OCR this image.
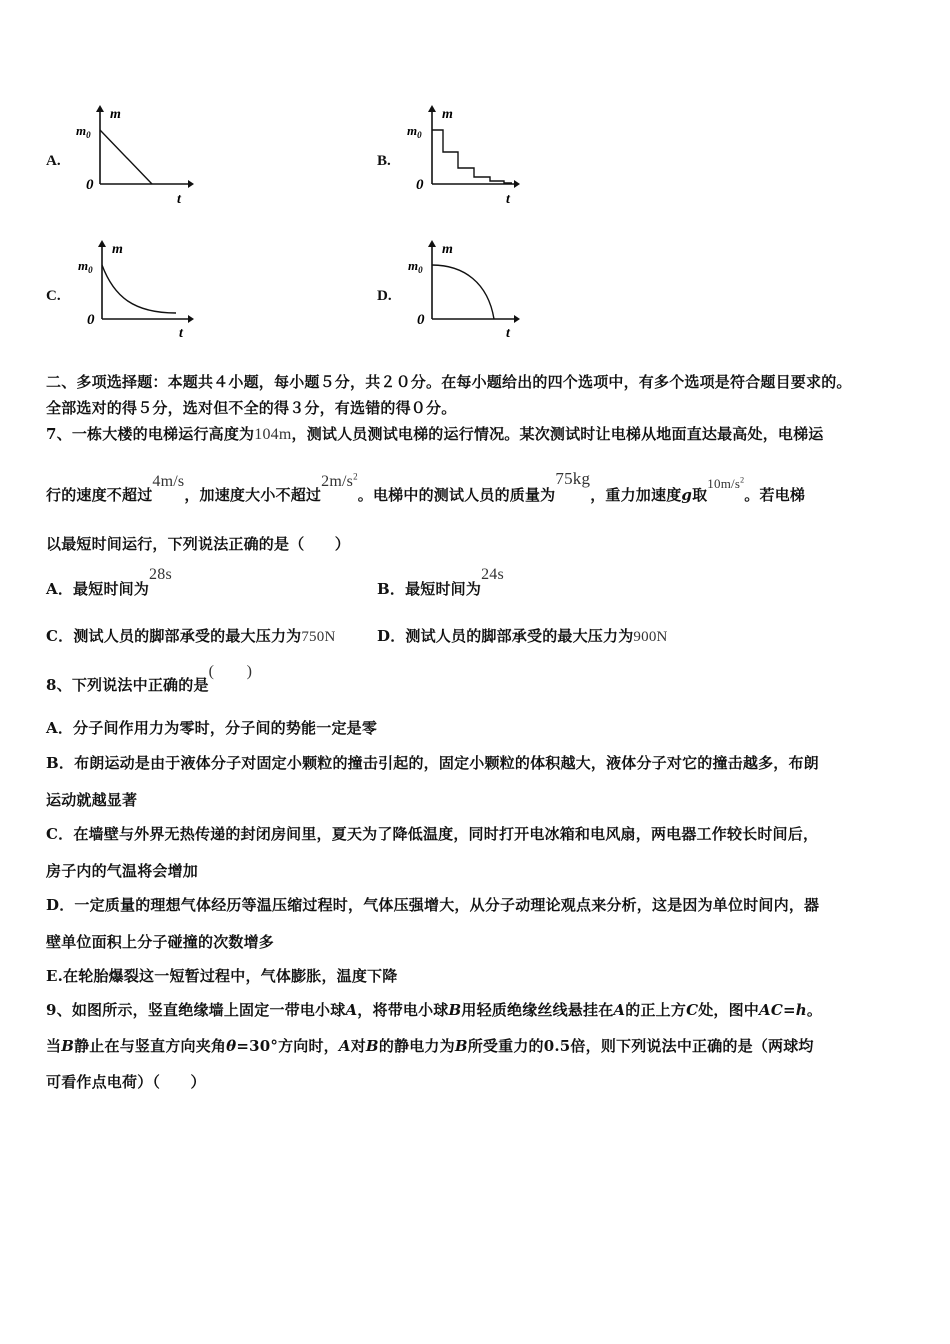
A.
m
$m_0$
0
t
B.
m
$m_0$
0
t
C.
m
$m_0$
0
t
D.
m
$m_0$
0
t
二、多项选择题：本题共４小题，每小题５分，共２０分。在每小题给出的四个选项中，有多个选项是符合题目要求的。
全部选对的得５分，选对但不全的得３分，有选错的得０分。
7、一栋大楼的电梯运行高度为104m，测试人员测试电梯的运行情况。某次测试时让电梯从地面直达最高处，电梯运
行的速度不超过4m/s，加速度大小不超过$2m/s^2$。电梯中的测试人员的质量为75kg，重力加速度g取$10m/s^2$。若电梯
以最短时间运行，下列说法正确的是（　　）
A．最短时间为28s
B．最短时间为24s
C．测试人员的脚部承受的最大压力为750N	D．测试人员的脚部承受的最大压力为900N
8、下列说法中正确的是(　　)
A．分子间作用力为零时，分子间的势能一定是零
B．布朗运动是由于液体分子对固定小颗粒的撞击引起的，固定小颗粒的体积越大，液体分子对它的撞击越多，布朗
运动就越显著
C．在墙壁与外界无热传递的封闭房间里，夏天为了降低温度，同时打开电冰箱和电风扇，两电器工作较长时间后，
房子内的气温将会增加
D．一定质量的理想气体经历等温压缩过程时，气体压强增大，从分子动理论观点来分析，这是因为单位时间内，器
壁单位面积上分子碰撞的次数增多
E.在轮胎爆裂这一短暂过程中，气体膨胀，温度下降
9、如图所示，竖直绝缘墙上固定一带电小球A，将带电小球B用轻质绝缘丝线悬挂在A的正上方C处，图中AC=h。
当B静止在与竖直方向夹角θ=30°方向时，A对B的静电力为B所受重力的0.5倍，则下列说法中正确的是（两球均
可看作点电荷）（　　）
